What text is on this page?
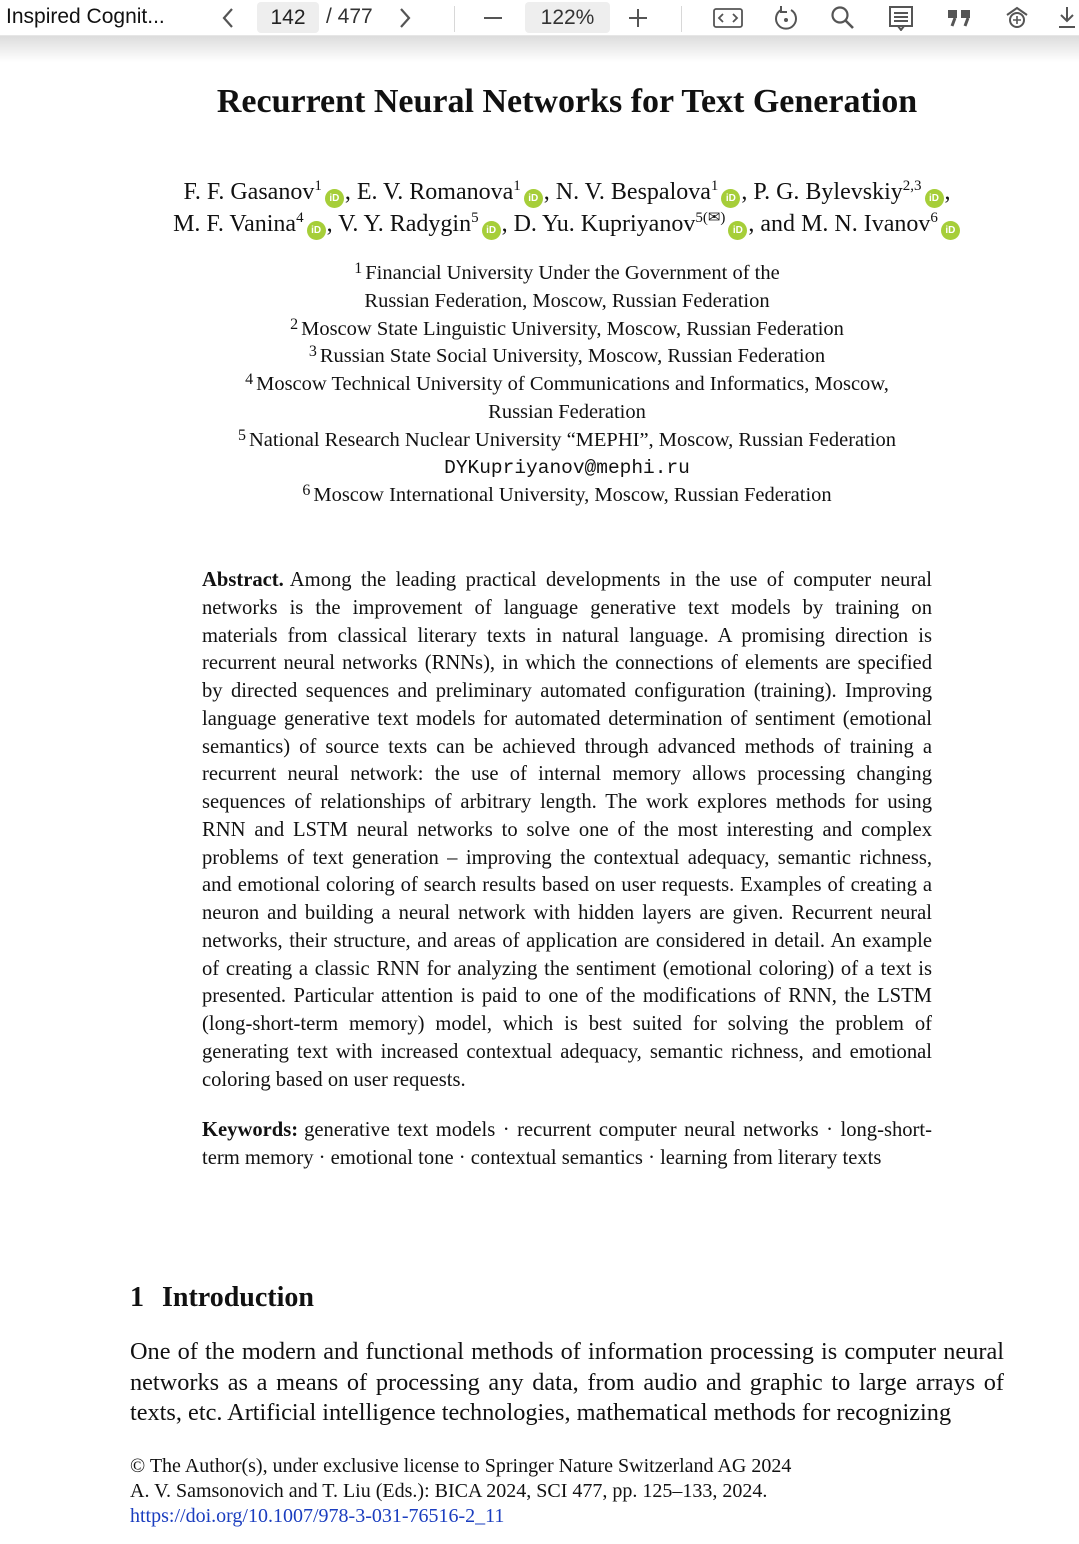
Inspired Cognit...	142 / 477	122%
Recurrent Neural Networks for Text Generation
F. F. Gasanov$^1$iD , E. V. Romanova$^1$iD , N. V. Bespalova$^1$iD , P. G. Bylevskiy$^{2,3}$iD ,
M. F. Vanina$^4$iD , V. Y. Radygin$^5$iD , D. Yu. Kupriyanov$^{5(✉)}$iD , and M. N. Ivanov$^6$iD
$^1$ Financial University Under the Government of the
Russian Federation, Moscow, Russian Federation
$^2$ Moscow State Linguistic University, Moscow, Russian Federation
$^3$ Russian State Social University, Moscow, Russian Federation
$^4$ Moscow Technical University of Communications and Informatics, Moscow,
Russian Federation
$^5$ National Research Nuclear University “MEPHI”, Moscow, Russian Federation
DYKupriyanov@mephi.ru
$^6$ Moscow International University, Moscow, Russian Federation

Abstract. Among the leading practical developments in the use of computer neural networks is the improvement of language generative text models by training on materials from classical literary texts in natural language. A promising direction is recurrent neural networks (RNNs), in which the connections of elements are specified by directed sequences and preliminary automated configuration (training). Improving language generative text models for automated determination of sentiment (emotional semantics) of source texts can be achieved through advanced methods of training a recurrent neural network: the use of internal memory allows processing changing sequences of relationships of arbitrary length. The work explores methods for using RNN and LSTM neural networks to solve one of the most interesting and complex problems of text generation – improving the contextual adequacy, semantic richness, and emotional coloring of search results based on user requests. Examples of creating a neuron and building a neural network with hidden layers are given. Recurrent neural networks, their structure, and areas of application are considered in detail. An example of creating a classic RNN for analyzing the sentiment (emotional coloring) of a text is presented. Particular attention is paid to one of the modifications of RNN, the LSTM (long-short-term memory) model, which is best suited for solving the problem of generating text with increased contextual adequacy, semantic richness, and emotional coloring based on user requests.

Keywords: generative text models · recurrent computer neural networks · long-short-term memory · emotional tone · contextual semantics · learning from literary texts

1 Introduction
One of the modern and functional methods of information processing is computer neural networks as a means of processing any data, from audio and graphic to large arrays of texts, etc. Artificial intelligence technologies, mathematical methods for recognizing
© The Author(s), under exclusive license to Springer Nature Switzerland AG 2024
A. V. Samsonovich and T. Liu (Eds.): BICA 2024, SCI 477, pp. 125–133, 2024.
https://doi.org/10.1007/978-3-031-76516-2_11
